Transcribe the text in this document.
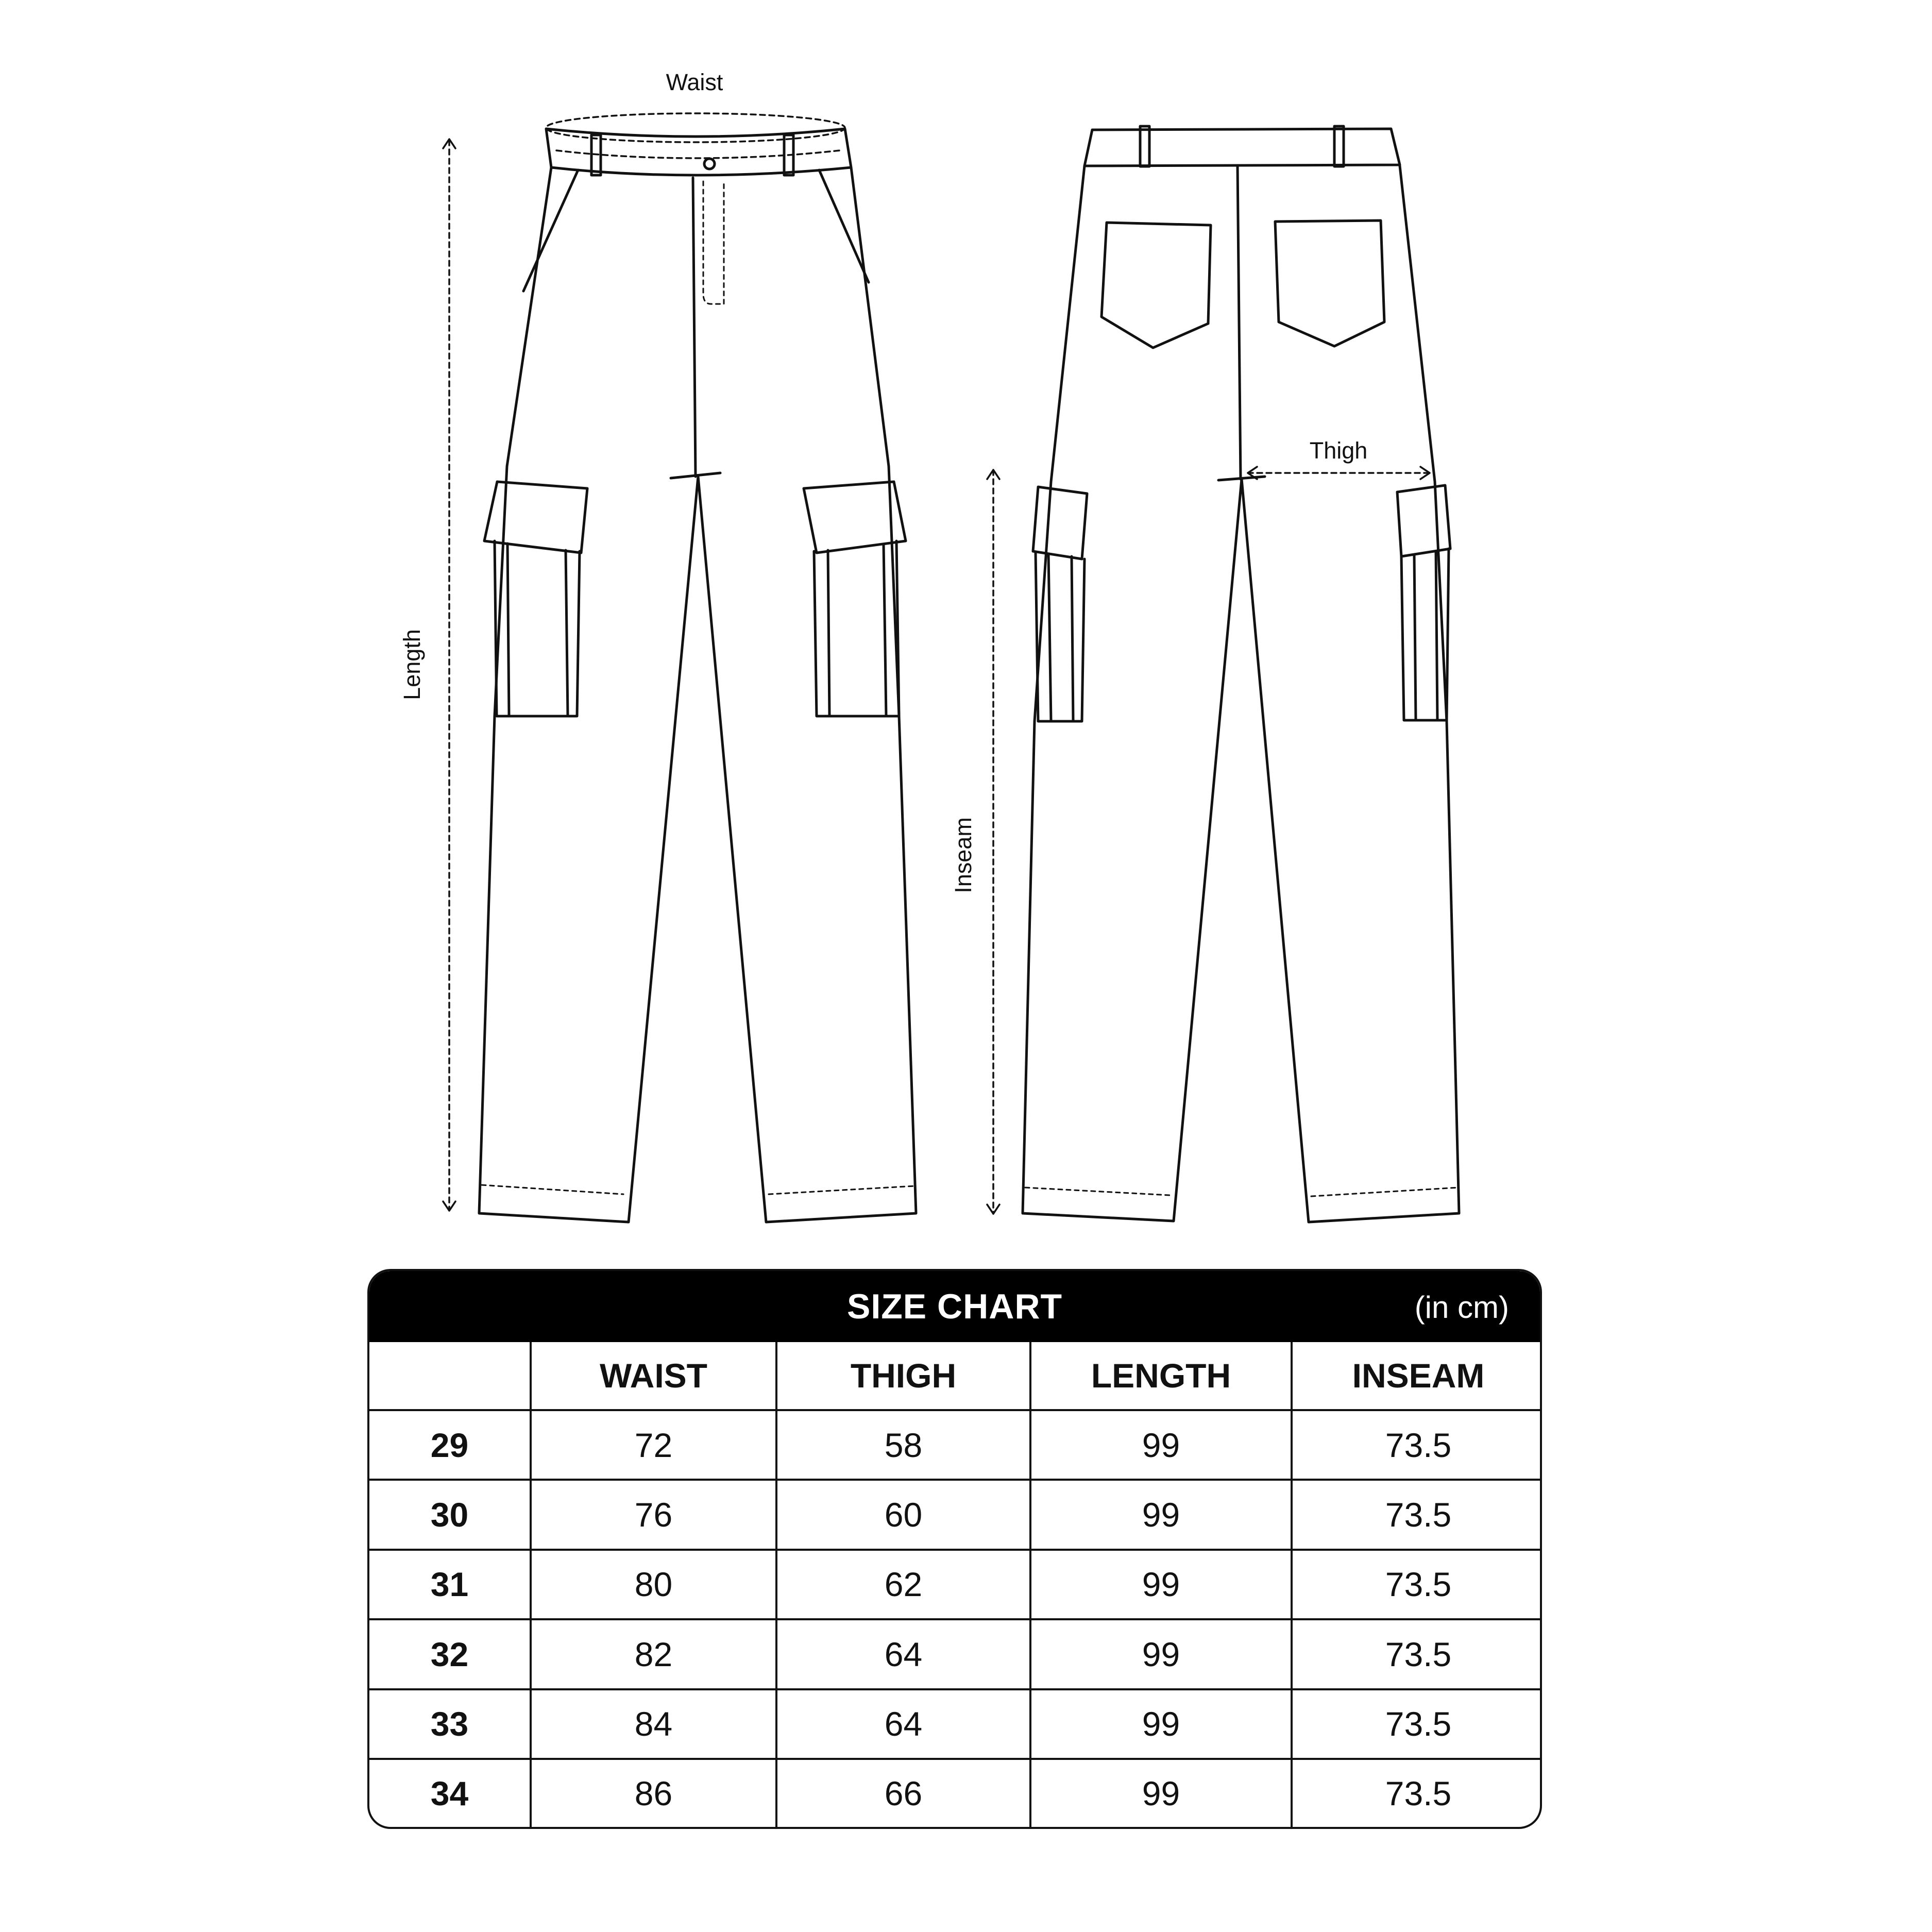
Waist
Length
Thigh
Inseam
SIZE CHART	(in cm)
	WAIST	THIGH	LENGTH	INSEAM
29	72	58	99	73.5
30	76	60	99	73.5
31	80	62	99	73.5
32	82	64	99	73.5
33	84	64	99	73.5
34	86	66	99	73.5
